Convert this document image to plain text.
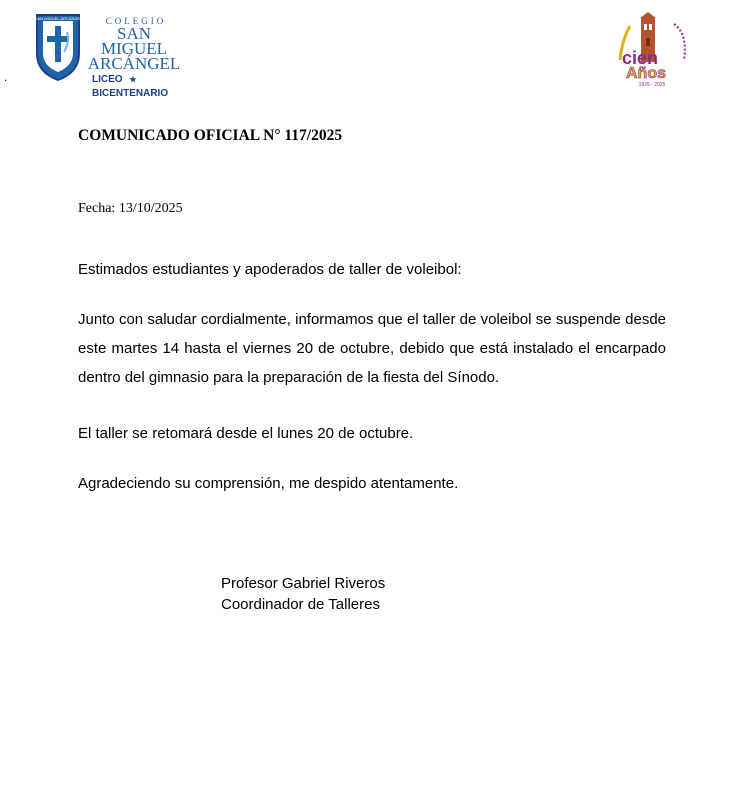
.
COLEGIO SAN MIGUEL ARCÁNGEL LINARES COLEGIO
SAN MIGUEL
ARCÁNGEL
LICEO ★
BICENTENARIO
cien
Años
1925 - 2025
COMUNICADO OFICIAL N° 117/2025
Fecha: 13/10/2025
Estimados estudiantes y apoderados de taller de voleibol:
Junto con saludar cordialmente, informamos que el taller de voleibol se suspende desde este martes 14 hasta el viernes 20 de octubre, debido que está instalado el encarpado dentro del gimnasio para la preparación de la fiesta del Sínodo.
El taller se retomará desde el lunes 20 de octubre.
Agradeciendo su comprensión, me despido atentamente.
Profesor Gabriel Riveros
Coordinador de Talleres
